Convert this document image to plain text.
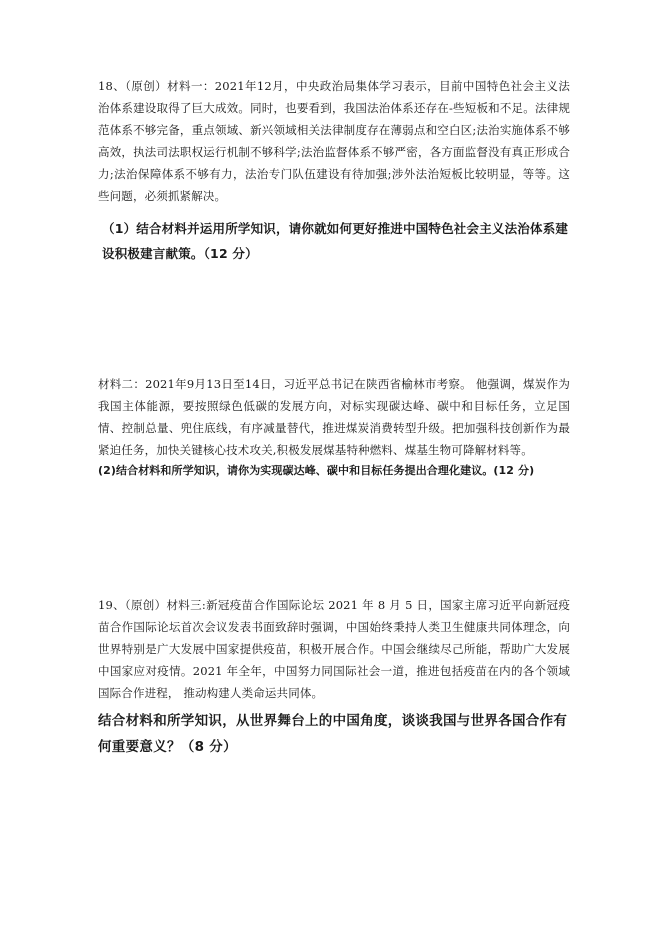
18、（原创）材料一：2021年12月，中央政治局集体学习表示，目前中国特色社会主义法治体系建设取得了巨大成效。同时，也要看到，我国法治体系还存在-些短板和不足。法律规范体系不够完备，重点领域、新兴领域相关法律制度存在薄弱点和空白区;法治实施体系不够高效，执法司法职权运行机制不够科学;法治监督体系不够严密，各方面监督没有真正形成合力;法治保障体系不够有力，法治专门队伍建设有待加强;涉外法治短板比较明显，等等。这些问题，必须抓紧解决。

（1）结合材料并运用所学知识，请你就如何更好推进中国特色社会主义法治体系建设积极建言献策。（12 分）

材料二：2021年9月13日至14日，习近平总书记在陕西省榆林市考察。 他强调，煤炭作为我国主体能源，要按照绿色低碳的发展方向，对标实现碳达峰、碳中和目标任务，立足国情、控制总量、兜住底线，有序减量替代，推进煤炭消费转型升级。把加强科技创新作为最紧迫任务，加快关键核心技术攻关,积极发展煤基特种燃料、煤基生物可降解材料等。

(2)结合材料和所学知识，请你为实现碳达峰、碳中和目标任务提出合理化建议。(12 分)

19、（原创）材料三:新冠疫苗合作国际论坛 2021 年 8 月 5 日，国家主席习近平向新冠疫苗合作国际论坛首次会议发表书面致辞时强调，中国始终秉持人类卫生健康共同体理念，向世界特别是广大发展中国家提供疫苗，积极开展合作。中国会继续尽己所能，帮助广大发展中国家应对疫情。2021 年全年，中国努力同国际社会一道，推进包括疫苗在内的各个领域国际合作进程， 推动构建人类命运共同体。

结合材料和所学知识，从世界舞台上的中国角度，谈谈我国与世界各国合作有何重要意义？（8 分）
